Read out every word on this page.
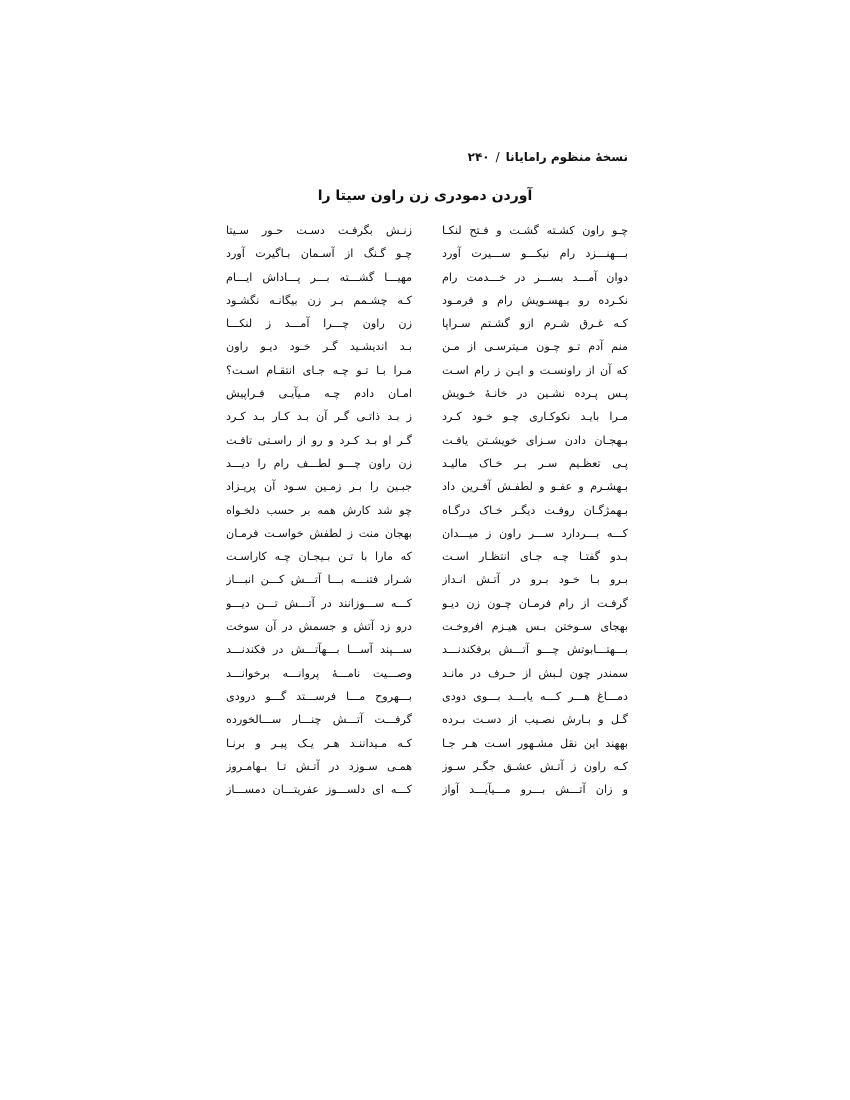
نسخهٔ منظوم رامایانا/۲۴۰
آوردن دمودری زن راون سیتا را
چـو راون کشـته گشـت و فـتح لنکـا
زنـش بگرفـت دسـت حـور سـیتا
بـــهنـــزد رام نیکـــو ســـیرت آورد
چـو گـنگ از آسـمان بـاگیرت آورد
دوان آمـــد بســـر در خـــدمت رام
مهیـــا گشـــته بـــر پـــاداش ایـــام
نکـرده رو بـهسـویش رام و فرمـود
کـه چشـمم بـر زن بیگانـه نگشـود
کـه غـرق شـرم ازو گشـتم سـراپا
زن راون چـــرا آمـــد ز لنکـــا
منم آدم تـو چـون مـیترسـی از مـن
بـد اندیشـید گـر خـود دیـو راون
که آن از راونسـت و ایـن ز رام اسـت
مـرا بـا تـو چـه جـای انتقـام اسـت؟
پـس پـرده نشـین در خانـهٔ خـویش
امـان دادم چـه مـیآیـی فـراپیش
مـرا بایـد نکوکـاری چـو خـود کـرد
ز بـد ذاتـی گـر آن بـد کـار بـد کـرد
بـهجـان دادن سـزای خویشـتن یافـت
گـر او بـد کـرد و رو از راسـتی تافـت
پـی تعظـیم سـر بـر خـاک مالیـد
زن راون چـــو لطـــف رام را دیـــد
بـهشـرم و عفـو و لطفـش آفـرین داد
جبـین را بـر زمـین سـود آن پریـزاد
بـهمژگـان روفـت دیگـر خـاک درگـاه
چو شد کارش همه بر حسب دلخـواه
کـــه بـــردارد ســـر راون ز میـــدان
بهجان منت ز لطفش خواسـت فرمـان
بـدو گفتـا چـه جـای انتظـار اسـت
که مارا با تـن بـیجـان چـه کاراسـت
بـرو بـا خـود بـرو در آتـش انـداز
شـرار فتنـــه بـــا آتـــش کـــن انبـــاز
گرفـت از رام فرمـان چـون زن دیـو
کـــه ســـوزانند در آتـــش تـــن دیـــو
بهجای سـوختن بـس هیـزم افروخـت
درو زد آتش و جسمش در آن سوخت
بـــهتـــابوتش چـــو آتـــش برفکندنـــد
ســـپند آســـا بـــهآتـــش در فکندنـــد
سمندر چون لـبش از حـرف در مانـد
وصـــیت نامـــهٔ پروانـــه برخوانـــد
دمـــاغ هـــر کـــه یابـــد بـــوی دودی
بـــهروح مـــا فرســـتد گـــو درودی
گـل و بـارش نصـیب از دسـت بـرده
گرفـــت آتـــش چنـــار ســـالخورده
بههند این نقل مشـهور اسـت هـر جـا
کـه مـیداننـد هـر یـک پیـر و برنـا
کـه راون ز آتـش عشـق جگـر سـوز
همـی سـوزد در آتـش تـا بـهامـروز
و زان آتـــش بـــرو مـــیآیـــد آواز
کـــه ای دلســـوز عفریتـــان دمســـاز
